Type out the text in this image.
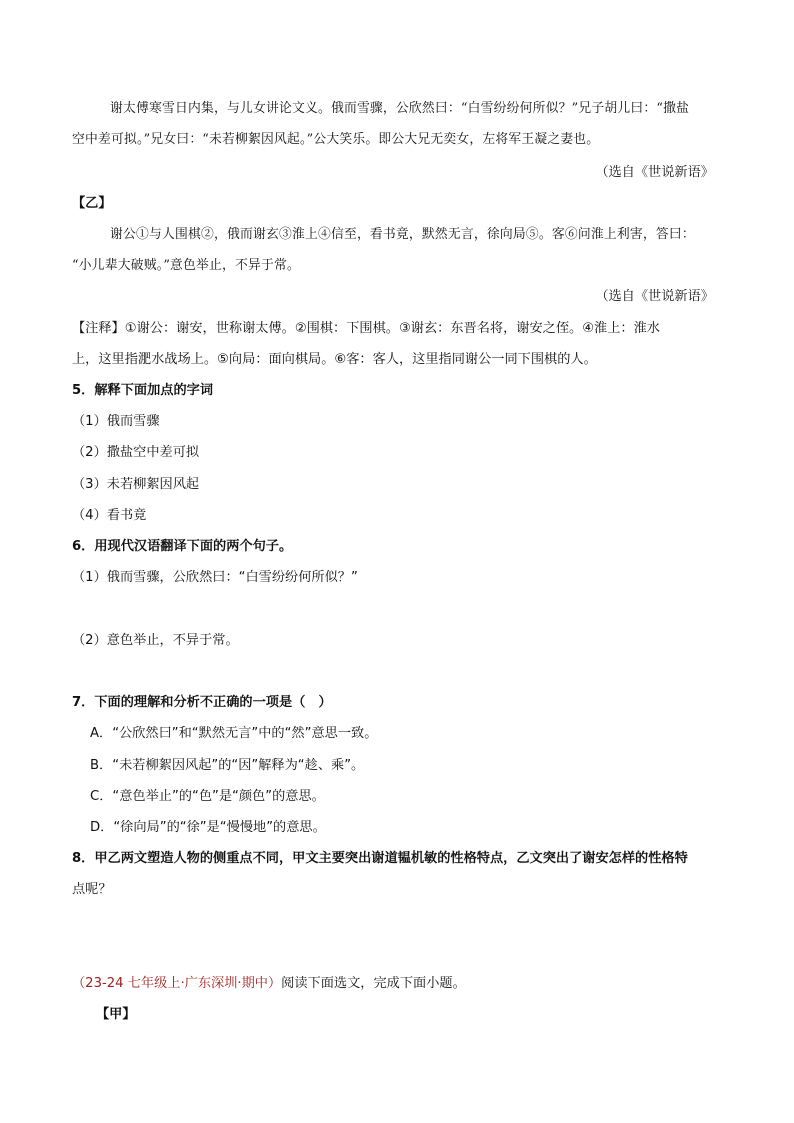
谢太傅寒雪日内集，与儿女讲论文义。俄而雪骤，公欣然曰：“白雪纷纷何所似？”兄子胡儿曰：“撒盐
空中差可拟。”兄女曰：“未若柳絮因风起。”公大笑乐。即公大兄无奕女，左将军王凝之妻也。
（选自《世说新语》
【乙】
谢公①与人围棋②，俄而谢玄③淮上④信至，看书竟，默然无言，徐向局⑤。客⑥问淮上利害，答曰：
“小儿辈大破贼。”意色举止，不异于常。
（选自《世说新语》
【注释】①谢公：谢安，世称谢太傅。②围棋：下围棋。③谢玄：东晋名将，谢安之侄。④淮上：淮水
上，这里指淝水战场上。⑤向局：面向棋局。⑥客：客人，这里指同谢公一同下围棋的人。
5．解释下面加点的字词
（1）俄而雪骤
（2）撒盐空中差可拟
（3）未若柳絮因风起
（4）看书竟
6．用现代汉语翻译下面的两个句子。
（1）俄而雪骤，公欣然曰：“白雪纷纷何所似？”
（2）意色举止，不异于常。
7．下面的理解和分析不正确的一项是（　）
A．“公欣然曰”和“默然无言”中的“然”意思一致。
B．“未若柳絮因风起”的“因”解释为“趁、乘”。
C．“意色举止”的“色”是“颜色”的意思。
D．“徐向局”的“徐”是“慢慢地”的意思。
8．甲乙两文塑造人物的侧重点不同，甲文主要突出谢道韫机敏的性格特点，乙文突出了谢安怎样的性格特
点呢？
（23-24 七年级上·广东深圳·期中）阅读下面选文，完成下面小题。
【甲】
